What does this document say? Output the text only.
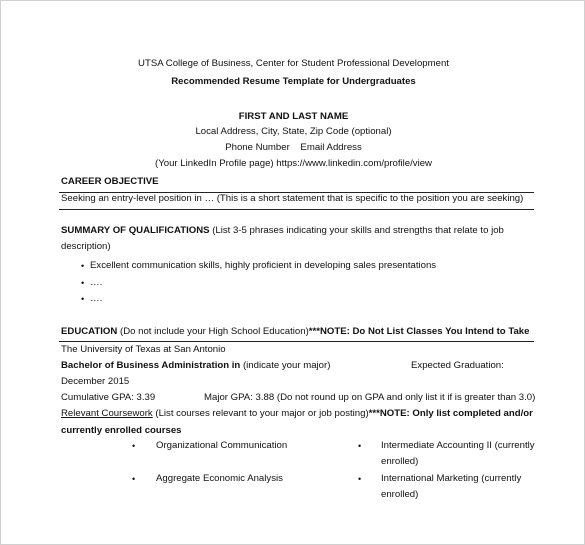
UTSA College of Business, Center for Student Professional Development
Recommended Resume Template for Undergraduates
FIRST AND LAST NAME
Local Address, City, State, Zip Code (optional)
Phone Number    Email Address
(Your LinkedIn Profile page) https://www.linkedin.com/profile/view
CAREER OBJECTIVE
Seeking an entry-level position in … (This is a short statement that is specific to the position you are seeking)
SUMMARY OF QUALIFICATIONS (List 3-5 phrases indicating your skills and strengths that relate to job
description)
• Excellent communication skills, highly proficient in developing sales presentations
• ….
• ….
EDUCATION (Do not include your High School Education)***NOTE: Do Not List Classes You Intend to Take
The University of Texas at San Antonio
Bachelor of Business Administration in (indicate your major)	Expected Graduation:
December 2015
Cumulative GPA: 3.39	Major GPA: 3.88 (Do not round up on GPA and only list it if is greater than 3.0)
Relevant Coursework (List courses relevant to your major or job posting)***NOTE: Only list completed and/or
currently enrolled courses
• Organizational Communication	• Intermediate Accounting II (currently
enrolled)
• Aggregate Economic Analysis	• International Marketing (currently
enrolled)
